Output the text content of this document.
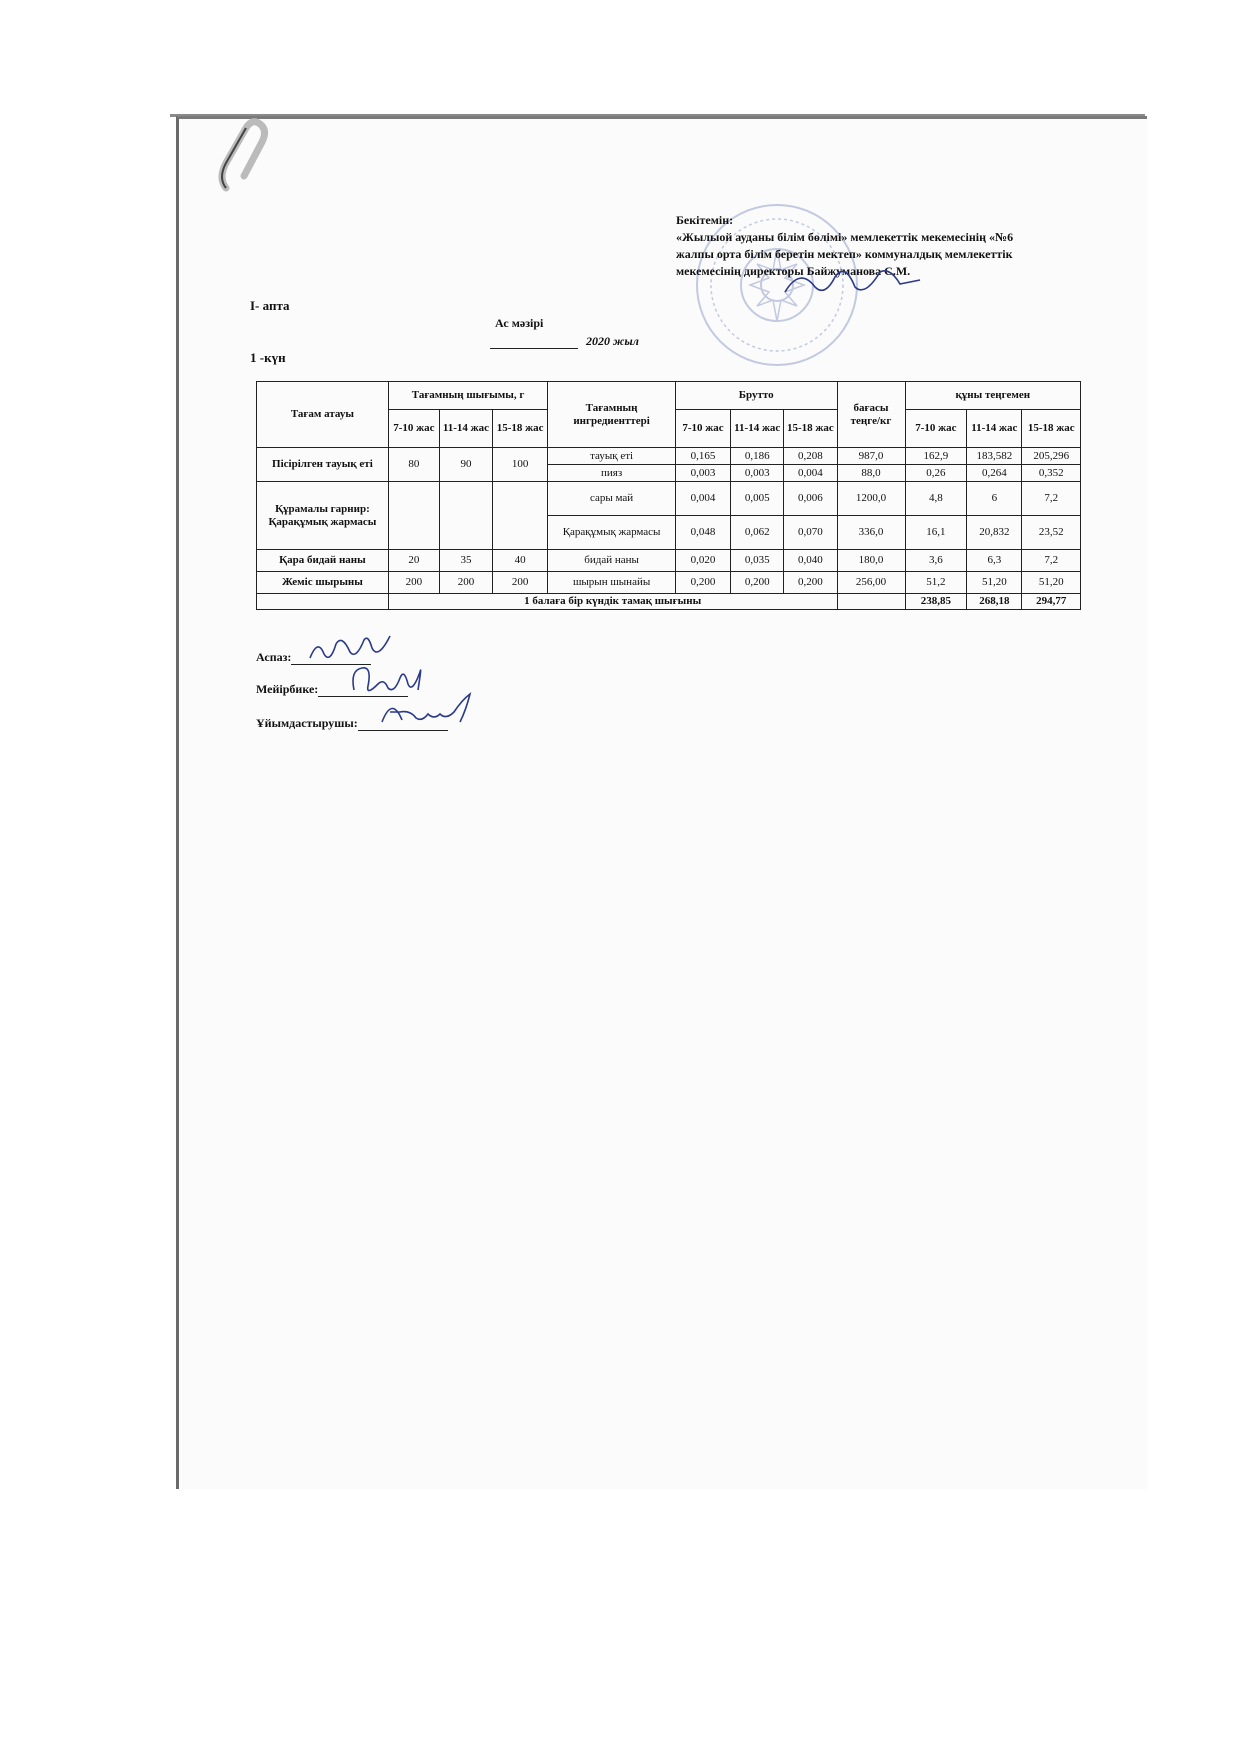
Бекітемін:
«Жылыой ауданы білім бөлімі» мемлекеттік мекемесінің «№6
жалпы орта білім беретін мектеп» коммуналдық мемлекеттік
мекемесінің директоры Байжуманова С.М.
I- апта
Ас мәзірі
2020 жыл
1 -күн
Тағам атауы	Тағамның шығымы, г			Тағамның ингредиенттері	Брутто			бағасы теңге/кг	құны теңгемен		
	7-10 жас	11-14 жас	15-18 жас		7-10 жас	11-14 жас	15-18 жас		7-10 жас	11-14 жас	15-18 жас
Пісірілген тауық еті	80	90	100	тауық еті	0,165	0,186	0,208	987,0	162,9	183,582	205,296
				пияз	0,003	0,003	0,004	88,0	0,26	0,264	0,352
Құрамалы гарнир: Қарақұмық жармасы				сары май	0,004	0,005	0,006	1200,0	4,8	6	7,2
				Қарақұмық жармасы	0,048	0,062	0,070	336,0	16,1	20,832	23,52
Қара бидай наны	20	35	40	бидай наны	0,020	0,035	0,040	180,0	3,6	6,3	7,2
Жеміс шырыны	200	200	200	шырын шынайы	0,200	0,200	0,200	256,00	51,2	51,20	51,20
	1 балаға бір күндік тамақ шығыны								238,85	268,18	294,77
Аспаз:
Мейірбике:
Ұйымдастырушы:
